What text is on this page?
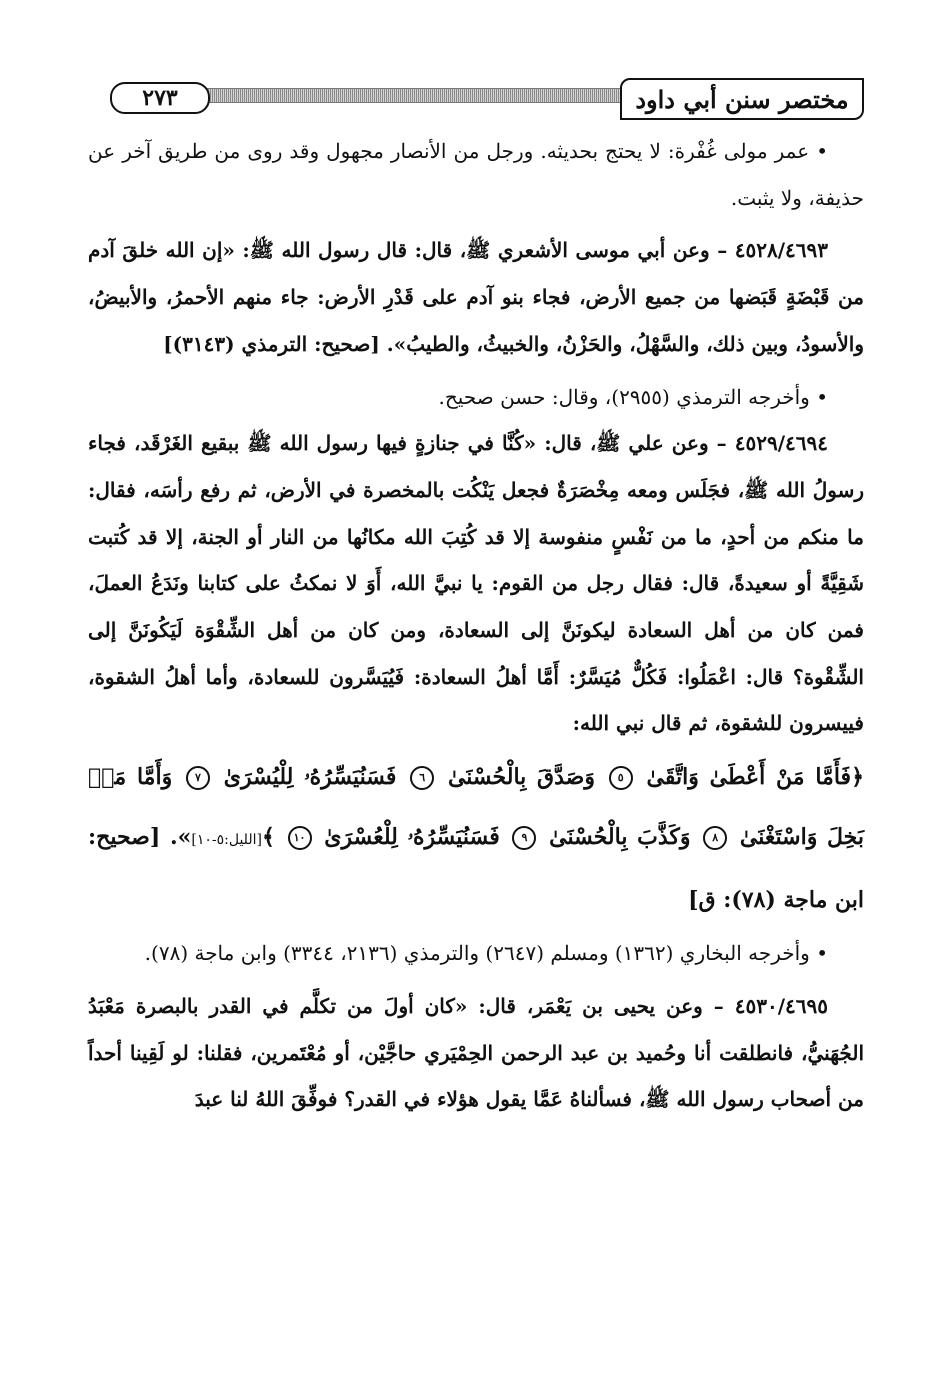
٢٧٣	مختصر سنن أبي داود

• عمر مولى غُفْرة: لا يحتج بحديثه. ورجل من الأنصار مجهول وقد روى من طريق آخر عن حذيفة، ولا يثبت.

٤٥٢٨/٤٦٩٣ – وعن أبي موسى الأشعري ﷺ، قال: قال رسول الله ﷺ: «إن الله خلقَ آدم من قَبْضَةٍ قَبَضها من جميع الأرض، فجاء بنو آدم على قَدْرِ الأرض: جاء منهم الأحمرُ، والأبيضُ، والأسودُ، وبين ذلك، والسَّهْلُ، والحَزْنُ، والخبيثُ، والطيبُ». [صحيح: الترمذي (٣١٤٣)]

• وأخرجه الترمذي (٢٩٥٥)، وقال: حسن صحيح.

٤٥٢٩/٤٦٩٤ – وعن علي ﷺ، قال: «كُنَّا في جنازةٍ فيها رسول الله ﷺ ببقيع الغَرْقَد، فجاء رسولُ الله ﷺ، فجَلَس ومعه مِخْصَرَةٌ فجعل يَنْكُت بالمخصرة في الأرض، ثم رفع رأسَه، فقال: ما منكم من أحدٍ، ما من نَفْسٍ منفوسة إلا قد كُتِبَ الله مكانُها من النار أو الجنة، إلا قد كُتبت شَقِيَّةً أو سعيدةً، قال: فقال رجل من القوم: يا نبيَّ الله، أَوَ لا نمكثُ على كتابنا ونَدَعُ العملَ، فمن كان من أهل السعادة ليكونَنَّ إلى السعادة، ومن كان من أهل الشِّقْوَة لَيَكُونَنَّ إلى الشِّقْوة؟ قال: اعْمَلُوا: فَكُلٌّ مُيَسَّرٌ: أَمَّا أهلُ السعادة: فَيُيَسَّرون للسعادة، وأما أهلُ الشقوة، فييسرون للشقوة، ثم قال نبي الله:

﴿فَأَمَّا مَنْ أَعْطَىٰ وَاتَّقَىٰ ٥ وَصَدَّقَ بِالْحُسْنَىٰ ٦ فَسَنُيَسِّرُهُۥ لِلْيُسْرَىٰ ٧ وَأَمَّا مَنۢ بَخِلَ وَاسْتَغْنَىٰ ٨ وَكَذَّبَ بِالْحُسْنَىٰ ٩ فَسَنُيَسِّرُهُۥ لِلْعُسْرَىٰ ١٠ ﴾[الليل:٥-١٠]». [صحيح: ابن ماجة (٧٨): ق]

• وأخرجه البخاري (١٣٦٢) ومسلم (٢٦٤٧) والترمذي (٢١٣٦، ٣٣٤٤) وابن ماجة (٧٨).

٤٥٣٠/٤٦٩٥ – وعن يحيى بن يَعْمَر، قال: «كان أولَ من تكلَّم في القدر بالبصرة مَعْبَدُ الجُهَنيُّ، فانطلقت أنا وحُميد بن عبد الرحمن الحِمْيَري حاجَّيْن، أو مُعْتَمرين، فقلنا: لو لَقِينا أحداً من أصحاب رسول الله ﷺ، فسألناهُ عَمَّا يقول هؤلاء في القدر؟ فوفِّقَ اللهُ لنا عبدَ
